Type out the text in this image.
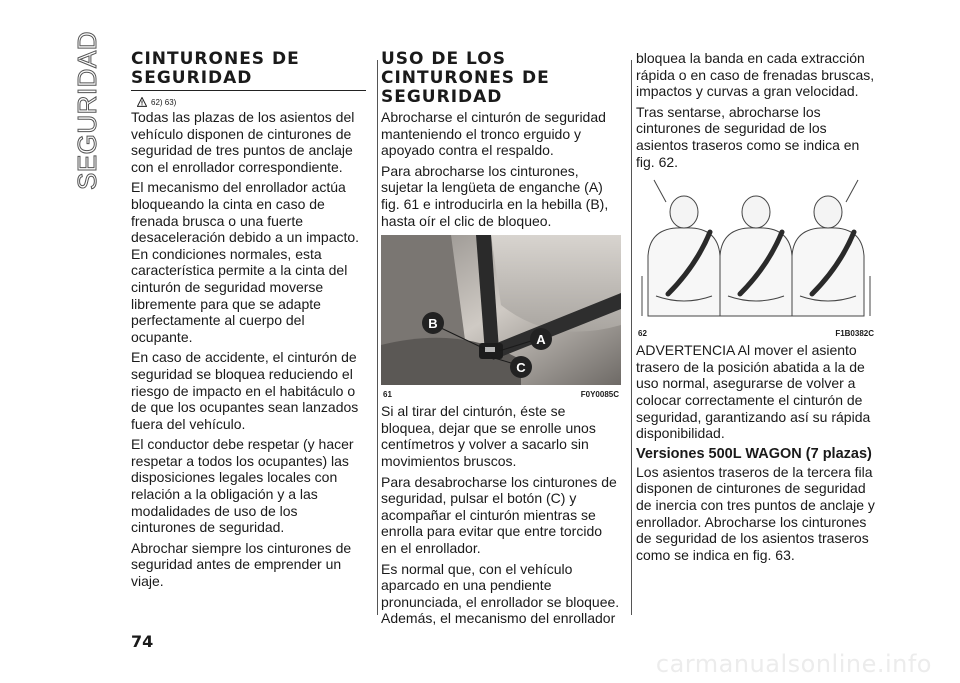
SEGURIDAD	CINTURONES DE SEGURIDAD
62) 63)

Todas las plazas de los asientos del vehículo disponen de cinturones de seguridad de tres puntos de anclaje con el enrollador correspondiente.

El mecanismo del enrollador actúa bloqueando la cinta en caso de frenada brusca o una fuerte desaceleración debido a un impacto. En condiciones normales, esta característica permite a la cinta del cinturón de seguridad moverse libremente para que se adapte perfectamente al cuerpo del ocupante.

En caso de accidente, el cinturón de seguridad se bloquea reduciendo el riesgo de impacto en el habitáculo o de que los ocupantes sean lanzados fuera del vehículo.

El conductor debe respetar (y hacer respetar a todos los ocupantes) las disposiciones legales locales con relación a la obligación y a las modalidades de uso de los cinturones de seguridad.

Abrochar siempre los cinturones de seguridad antes de emprender un viaje.

USO DE LOS CINTURONES DE SEGURIDAD

Abrocharse el cinturón de seguridad manteniendo el tronco erguido y apoyado contra el respaldo.

Para abrocharse los cinturones, sujetar la lengüeta de enganche (A) fig. 61 e introducirla en la hebilla (B), hasta oír el clic de bloqueo.

B
A
C
61	F0Y0085C

Si al tirar del cinturón, éste se bloquea, dejar que se enrolle unos centímetros y volver a sacarlo sin movimientos bruscos.

Para desabrocharse los cinturones de seguridad, pulsar el botón (C) y acompañar el cinturón mientras se enrolla para evitar que entre torcido en el enrollador.

Es normal que, con el vehículo aparcado en una pendiente pronunciada, el enrollador se bloquee. Además, el mecanismo del enrollador

bloquea la banda en cada extracción rápida o en caso de frenadas bruscas, impactos y curvas a gran velocidad.

Tras sentarse, abrocharse los cinturones de seguridad de los asientos traseros como se indica en fig. 62.

62	F1B0382C

ADVERTENCIA Al mover el asiento trasero de la posición abatida a la de uso normal, asegurarse de volver a colocar correctamente el cinturón de seguridad, garantizando así su rápida disponibilidad.

Versiones 500L WAGON (7 plazas)

Los asientos traseros de la tercera fila disponen de cinturones de seguridad de inercia con tres puntos de anclaje y enrollador. Abrocharse los cinturones de seguridad de los asientos traseros como se indica en fig. 63.

74
carmanualsonline.info
